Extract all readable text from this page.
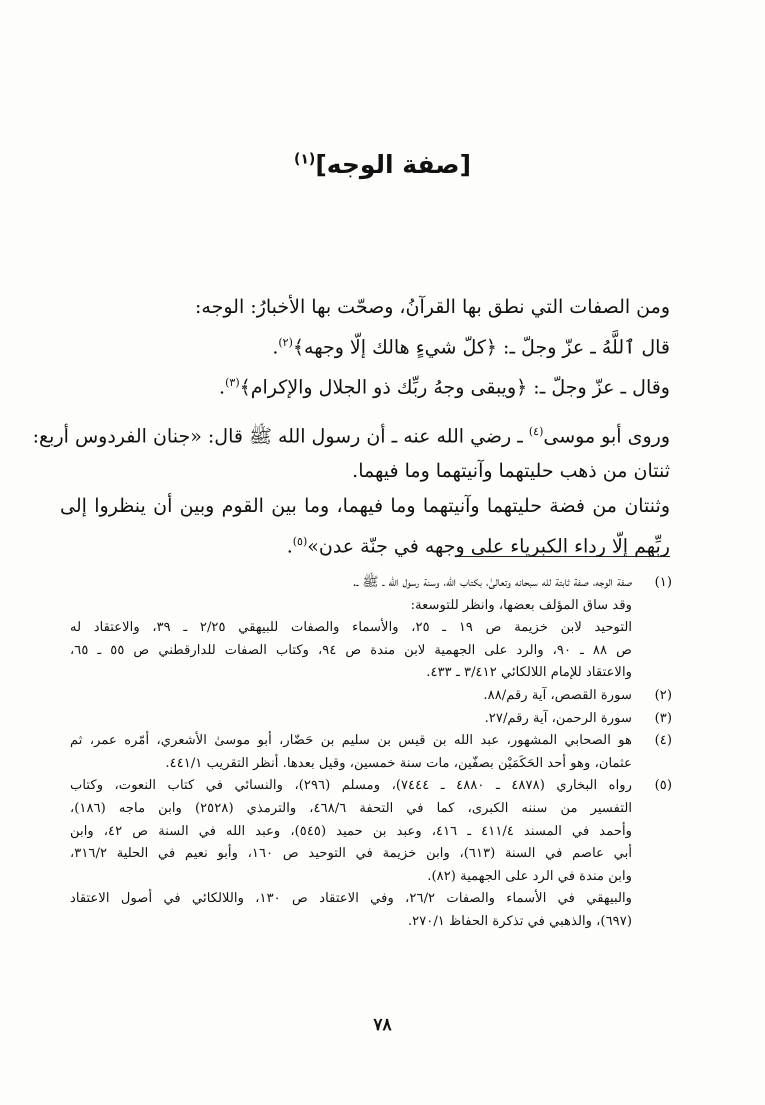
[صفة الوجه]$^{(١)}$
ومن الصفات التي نطق بها القرآنُ، وصحّت بها الأخبارُ: الوجه:
قال ٱللَّهُ ـ عزّ وجلّ ـ: ﴿كلّ شيءٍ هالك إلّا وجهه﴾$^{(٢)}$.
وقال ـ عزّ وجلّ ـ: ﴿ويبقى وجهُ ربِّك ذو الجلال والإكرام﴾$^{(٣)}$.
وروى أبو موسى$^{(٤)}$ ـ رضي الله عنه ـ أن رسول الله ﷺ قال: «جنان الفردوس أربع:
ثنتان من ذهب حليتهما وآنيتهما وما فيهما.
وثنتان من فضة حليتهما وآنيتهما وما فيهما، وما بين القوم وبين أن ينظروا إلى
ربِّهم إلّا رداء الكبرياء على وجهه في جنّة عدن»$^{(٥)}$.
(١)
صفة الوجه، صفة ثابتة لله سبحانه وتعالىٰ، بكتاب الله، وسنة رسول الله ـ ﷺ ـ.
وقد ساق المؤلف بعضها، وانظر للتوسعة:
التوحيد لابن خزيمة ص ١٩ ـ ٢٥، والأسماء والصفات للبيهقي ٢/٢٥ ـ ٣٩، والاعتقاد له
ص ٨٨ ـ ٩٠، والرد على الجهمية لابن مندة ص ٩٤، وكتاب الصفات للدارقطني ص ٥٥ ـ ٦٥،
والاعتقاد للإمام اللالكائي ٣/٤١٢ ـ ٤٣٣.
(٢)
سورة القصص، آية رقم/٨٨.
(٣)
سورة الرحمن، آية رقم/٢٧.
(٤)
هو الصحابي المشهور، عبد الله بن قيس بن سليم بن حَضّار، أبو موسىٰ الأشعري، أمّره عمر، ثم
عثمان، وهو أحد الحَكَمَيْن بصفّين، مات سنة خمسين، وقيل بعدها. أنظر التقريب ٤٤١/١.
(٥)
رواه البخاري (٤٨٧٨ ـ ٤٨٨٠ ـ ٧٤٤٤)، ومسلم (٢٩٦)، والنسائي في كتاب النعوت، وكتاب
التفسير من سننه الكبرى، كما في التحفة ٤٦٨/٦، والترمذي (٢٥٢٨) وابن ماجه (١٨٦)،
وأحمد في المسند ٤١١/٤ ـ ٤١٦، وعبد بن حميد (٥٤٥)، وعبد الله في السنة ص ٤٢، وابن
أبي عاصم في السنة (٦١٣)، وابن خزيمة في التوحيد ص ١٦٠، وأبو نعيم في الحلية ٣١٦/٢،
وابن مندة في الرد على الجهمية (٨٢).
والبيهقي في الأسماء والصفات ٢٦/٢، وفي الاعتقاد ص ١٣٠، واللالكائي في أصول الاعتقاد
(٦٩٧)، والذهبي في تذكرة الحفاظ ٢٧٠/١.
٧٨
